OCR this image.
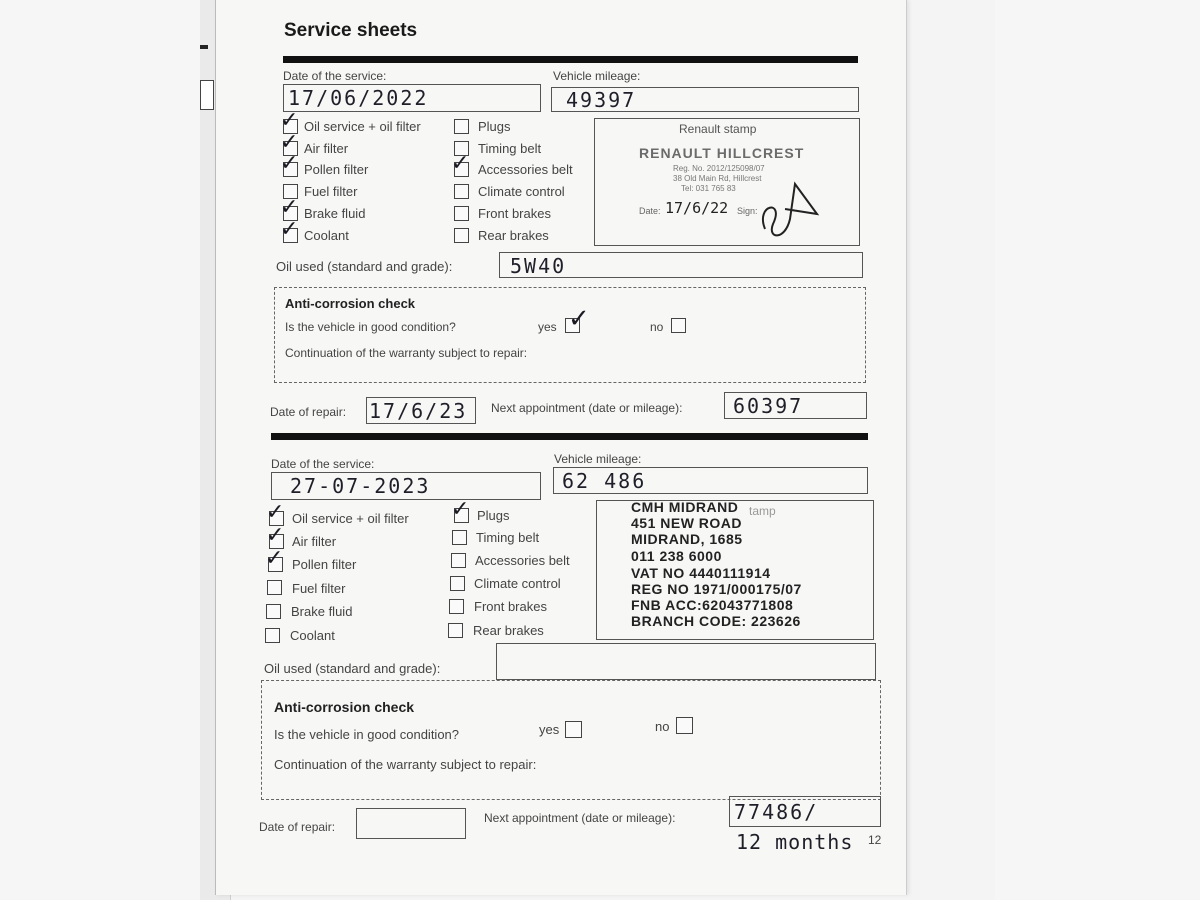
Service sheets
Date of the service:
17/06/2022
Vehicle mileage:
49397
✓ Oil service + oil filter
✓ Air filter
✓ Pollen filter
Fuel filter
✓ Brake fluid
✓ Coolant
Plugs
Timing belt
✓ Accessories belt
Climate control
Front brakes
Rear brakes
Renault stamp
RENAULT HILLCREST
Reg. No. 2012/125098/07
38 Old Main Rd, Hillcrest
Tel: 031 765 83
Date: 17/6/22 Sign:
Oil used (standard and grade):	5W40
Anti-corrosion check
Is the vehicle in good condition?	yes ✓	no
Continuation of the warranty subject to repair:
Date of repair: 17/6/23 Next appointment (date or mileage):	60397
Date of the service:
27-07-2023
Vehicle mileage:
62 486
✓ Oil service + oil filter
✓ Air filter
✓ Pollen filter
Fuel filter
Brake fluid
Coolant
✓ Plugs
Timing belt
Accessories belt
Climate control
Front brakes
Rear brakes
tamp
CMH MIDRAND
451 NEW ROAD
MIDRAND, 1685
011 238 6000
VAT NO 4440111914
REG NO 1971/000175/07
FNB ACC:62043771808
BRANCH CODE: 223626
Oil used (standard and grade):
Anti-corrosion check
Is the vehicle in good condition?	yes	no
Continuation of the warranty subject to repair:
Date of repair:
Next appointment (date or mileage):	77486/
12 months 12
